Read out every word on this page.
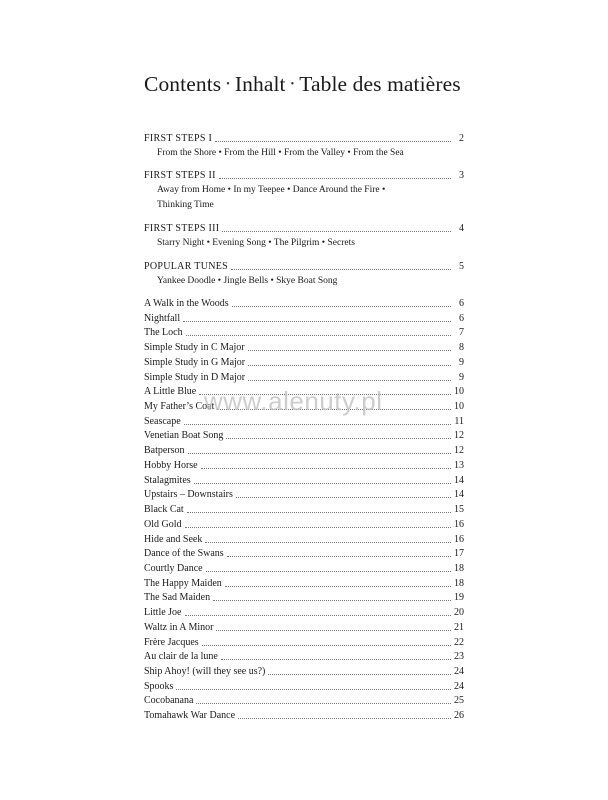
Contents • Inhalt • Table des matières
FIRST STEPS I	2
From the Shore • From the Hill • From the Valley • From the Sea
FIRST STEPS II	3
Away from Home • In my Teepee • Dance Around the Fire •
Thinking Time
FIRST STEPS III	4
Starry Night • Evening Song • The Pilgrim • Secrets
POPULAR TUNES	5
Yankee Doodle • Jingle Bells • Skye Boat Song
A Walk in the Woods	6
Nightfall	6
The Loch	7
Simple Study in C Major	8
Simple Study in G Major	9
Simple Study in D Major	9
A Little Blue	10
My Father’s Coat	10
Seascape	11
Venetian Boat Song	12
Batperson	12
Hobby Horse	13
Stalagmites	14
Upstairs – Downstairs	14
Black Cat	15
Old Gold	16
Hide and Seek	16
Dance of the Swans	17
Courtly Dance	18
The Happy Maiden	18
The Sad Maiden	19
Little Joe	20
Waltz in A Minor	21
Frère Jacques	22
Au clair de la lune	23
Ship Ahoy! (will they see us?)	24
Spooks	24
Cocobanana	25
Tomahawk War Dance	26
www.alenuty.pl
